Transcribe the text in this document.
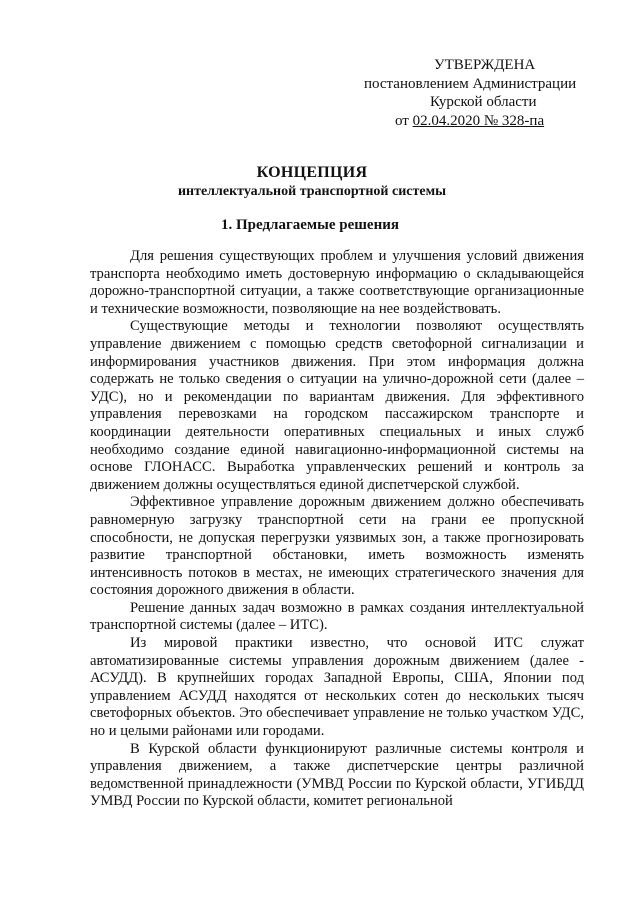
УТВЕРЖДЕНА
постановлением Администрации
Курской области
от 02.04.2020 № 328-па
КОНЦЕПЦИЯ
интеллектуальной транспортной системы
1. Предлагаемые решения

Для решения существующих проблем и улучшения условий движения транспорта необходимо иметь достоверную информацию о складывающейся дорожно-транспортной ситуации, а также соответствующие организационные и технические возможности, позволяющие на нее воздействовать.

Существующие методы и технологии позволяют осуществлять управление движением с помощью средств светофорной сигнализации и информирования участников движения. При этом информация должна содержать не только сведения о ситуации на улично-дорожной сети (далее – УДС), но и рекомендации по вариантам движения. Для эффективного управления перевозками на городском пассажирском транспорте и координации деятельности оперативных специальных и иных служб необходимо создание единой навигационно-информационной системы на основе ГЛОНАСС. Выработка управленческих решений и контроль за движением должны осуществляться единой диспетчерской службой.

Эффективное управление дорожным движением должно обеспечивать равномерную загрузку транспортной сети на грани ее пропускной способности, не допуская перегрузки уязвимых зон, а также прогнозировать развитие транспортной обстановки, иметь возможность изменять интенсивность потоков в местах, не имеющих стратегического значения для состояния дорожного движения в области.

Решение данных задач возможно в рамках создания интеллектуальной транспортной системы (далее – ИТС).

Из мировой практики известно, что основой ИТС служат автоматизированные системы управления дорожным движением (далее - АСУДД). В крупнейших городах Западной Европы, США, Японии под управлением АСУДД находятся от нескольких сотен до нескольких тысяч светофорных объектов. Это обеспечивает управление не только участком УДС, но и целыми районами или городами.

В Курской области функционируют различные системы контроля и управления движением, а также диспетчерские центры различной ведомственной принадлежности (УМВД России по Курской области, УГИБДД УМВД России по Курской области, комитет региональной
